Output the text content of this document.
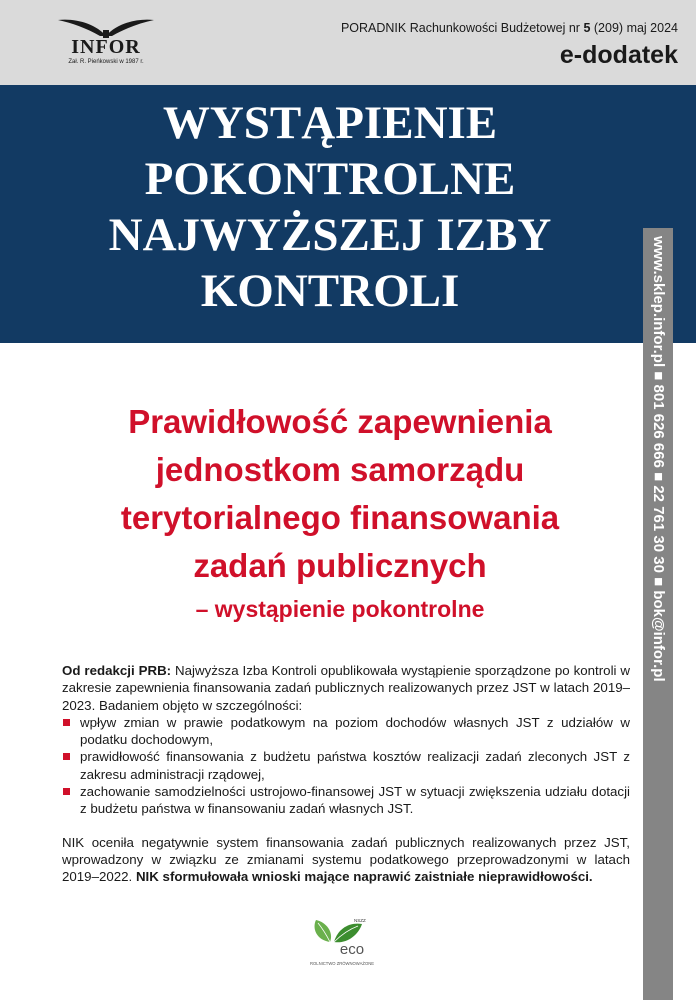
INFOR
Zał. R. Pieńkowski w 1987 r.
PORADNIK Rachunkowości Budżetowej nr 5 (209) maj 2024
e-dodatek
WYSTĄPIENIE
POKONTROLNE
NAJWYŻSZEJ IZBY
KONTROLI	www.sklep.infor.pl ■ 801 626 666 ■ 22 761 30 30 ■ bok@infor.pl
Prawidłowość zapewnienia
jednostkom samorządu
terytorialnego finansowania
zadań publicznych
– wystąpienie pokontrolne

Od redakcji PRB: Najwyższa Izba Kontroli opublikowała wystąpienie sporządzone po kontroli w zakresie zapewnienia finansowania zadań publicznych realizowanych przez JST w latach 2019–2023. Badaniem objęto w szczególności:

wpływ zmian w prawie podatkowym na poziom dochodów własnych JST z udziałów w podatku dochodowym,
prawidłowość finansowania z budżetu państwa kosztów realizacji zadań zleconych JST z zakresu administracji rządowej,
zachowanie samodzielności ustrojowo-finansowej JST w sytuacji zwiększenia udziału dotacji z budżetu państwa w finansowaniu zadań własnych JST.

NIK oceniła negatywnie system finansowania zadań publicznych realizowanych przez JST, wprowadzony w związku ze zmianami systemu podatkowego przeprowadzonymi w latach 2019–2022. NIK sformułowała wnioski mające naprawić zaistniałe nieprawidłowości.

NSZZ
eco
ROLNICTWO ZRÓWNOWAŻONE
